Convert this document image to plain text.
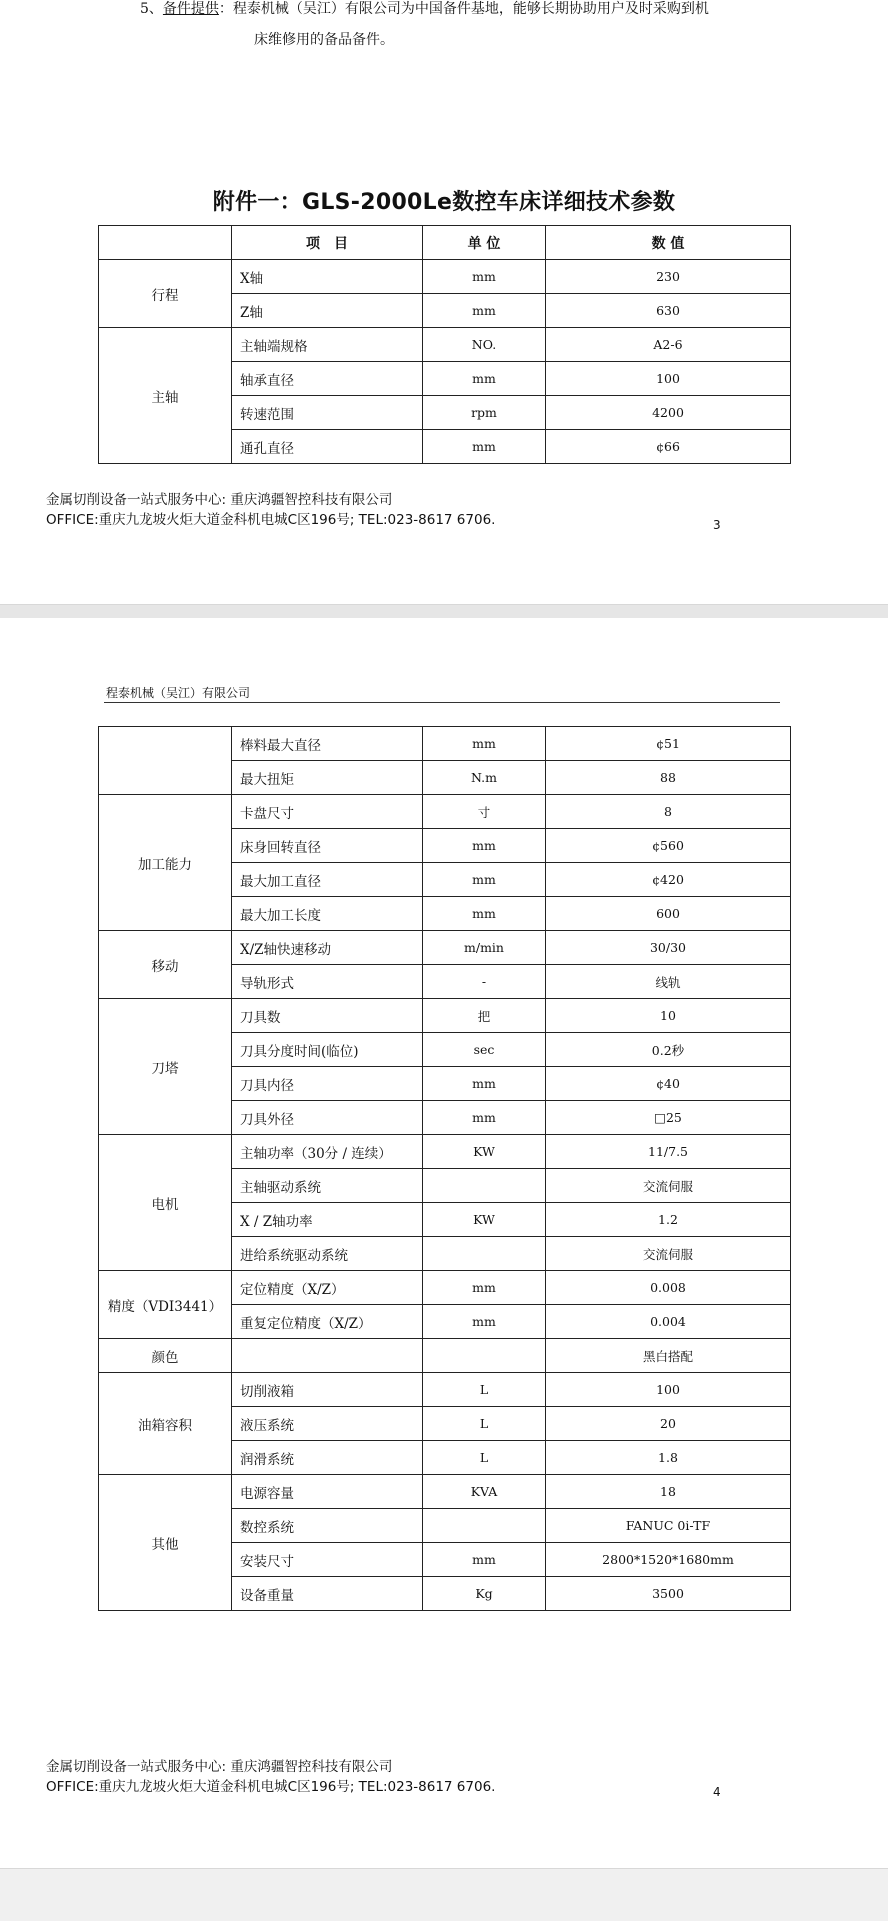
5、备件提供：程泰机械（吴江）有限公司为中国备件基地，能够长期协助用户及时采购到机
床维修用的备品备件。
附件一：GLS-2000Le数控车床详细技术参数
	项　目	单 位	数 值
行程	X轴	mm	230
	Z轴	mm	630
主轴	主轴端规格	NO.	A2-6
	轴承直径	mm	100
	转速范围	rpm	4200
	通孔直径	mm	¢66
金属切削设备一站式服务中心: 重庆鸿疆智控科技有限公司
OFFICE:重庆九龙坡火炬大道金科机电城C区196号; TEL:023-8617 6706.	3
程泰机械（吴江）有限公司
	棒料最大直径	mm	¢51
	最大扭矩	N.m	88
加工能力	卡盘尺寸	寸	8
	床身回转直径	mm	¢560
	最大加工直径	mm	¢420
	最大加工长度	mm	600
移动	X/Z轴快速移动	m/min	30/30
	导轨形式	-	线轨
刀塔	刀具数	把	10
	刀具分度时间(临位)	sec	0.2秒
	刀具内径	mm	¢40
	刀具外径	mm	□25
电机	主轴功率（30分 / 连续）	KW	11/7.5
	主轴驱动系统		交流伺服
	X / Z轴功率	KW	1.2
	进给系统驱动系统		交流伺服
精度（VDI3441）	定位精度（X/Z）	mm	0.008
	重复定位精度（X/Z）	mm	0.004
颜色			黑白搭配
油箱容积	切削液箱	L	100
	液压系统	L	20
	润滑系统	L	1.8
其他	电源容量	KVA	18
	数控系统		FANUC 0i-TF
	安装尺寸	mm	2800*1520*1680mm
	设备重量	Kg	3500
金属切削设备一站式服务中心: 重庆鸿疆智控科技有限公司
OFFICE:重庆九龙坡火炬大道金科机电城C区196号; TEL:023-8617 6706.	4
